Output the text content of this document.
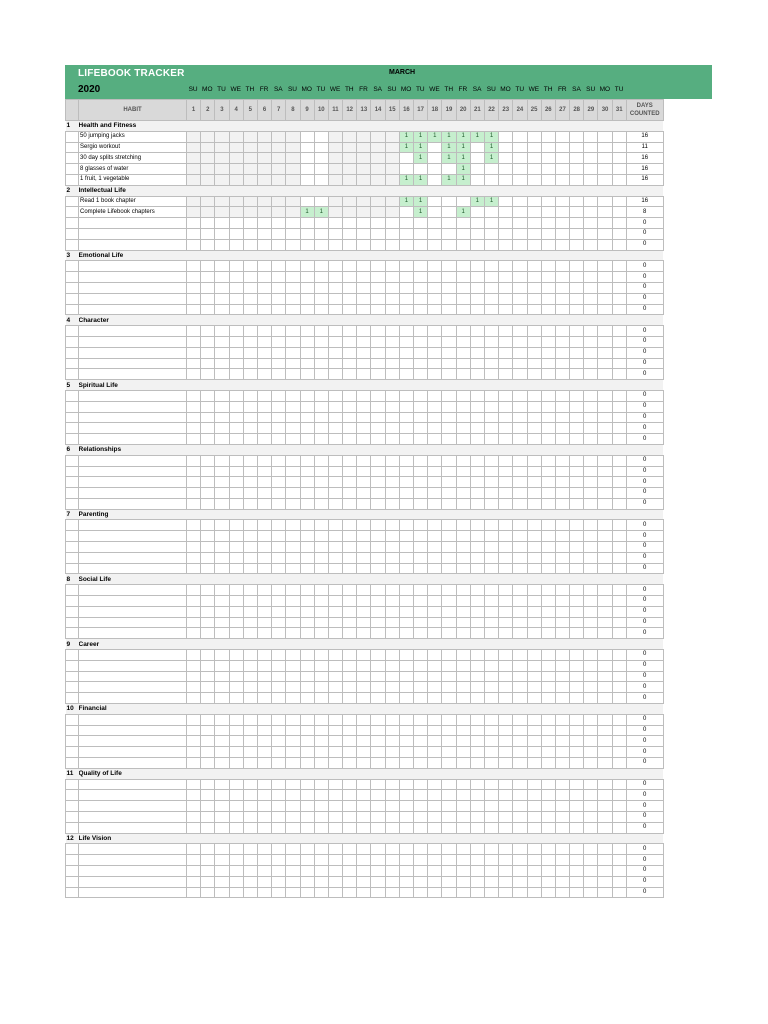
LIFEBOOK TRACKER
2020
MARCH
SU MO TU WE TH FR SA SU MO TU WE TH FR SA SU MO TU WE TH FR SA SU MO TU WE TH FR SA SU MO TU
	HABIT	1	2	3	4	5	6	7	8	9	10	11	12	13	14	15	16	17	18	19	20	21	22	23	24	25	26	27	28	29	30	31	DAYS COUNTED
1	Health and Fitness																																
	50 jumping jacks																1	1	1	1	1	1	1										16
	Sergio workout																1	1		1	1		1										11
	30 day splits stretching																	1		1	1		1										16
	8 glasses of water																				1												16
	1 fruit, 1 vegetable																1	1		1	1												16
2	Intellectual Life																																
	Read 1 book chapter																1	1				1	1										16
	Complete Lifebook chapters									1	1							1			1												8
																																	0
																																	0
																																	0
3	Emotional Life																																
																																	0
																																	0
																																	0
																																	0
																																	0
4	Character																																
																																	0
																																	0
																																	0
																																	0
																																	0
5	Spiritual Life																																
																																	0
																																	0
																																	0
																																	0
																																	0
6	Relationships																																
																																	0
																																	0
																																	0
																																	0
																																	0
7	Parenting																																
																																	0
																																	0
																																	0
																																	0
																																	0
8	Social Life																																
																																	0
																																	0
																																	0
																																	0
																																	0
9	Career																																
																																	0
																																	0
																																	0
																																	0
																																	0
10	Financial																																
																																	0
																																	0
																																	0
																																	0
																																	0
11	Quality of Life																																
																																	0
																																	0
																																	0
																																	0
																																	0
12	Life Vision																																
																																	0
																																	0
																																	0
																																	0
																																	0
